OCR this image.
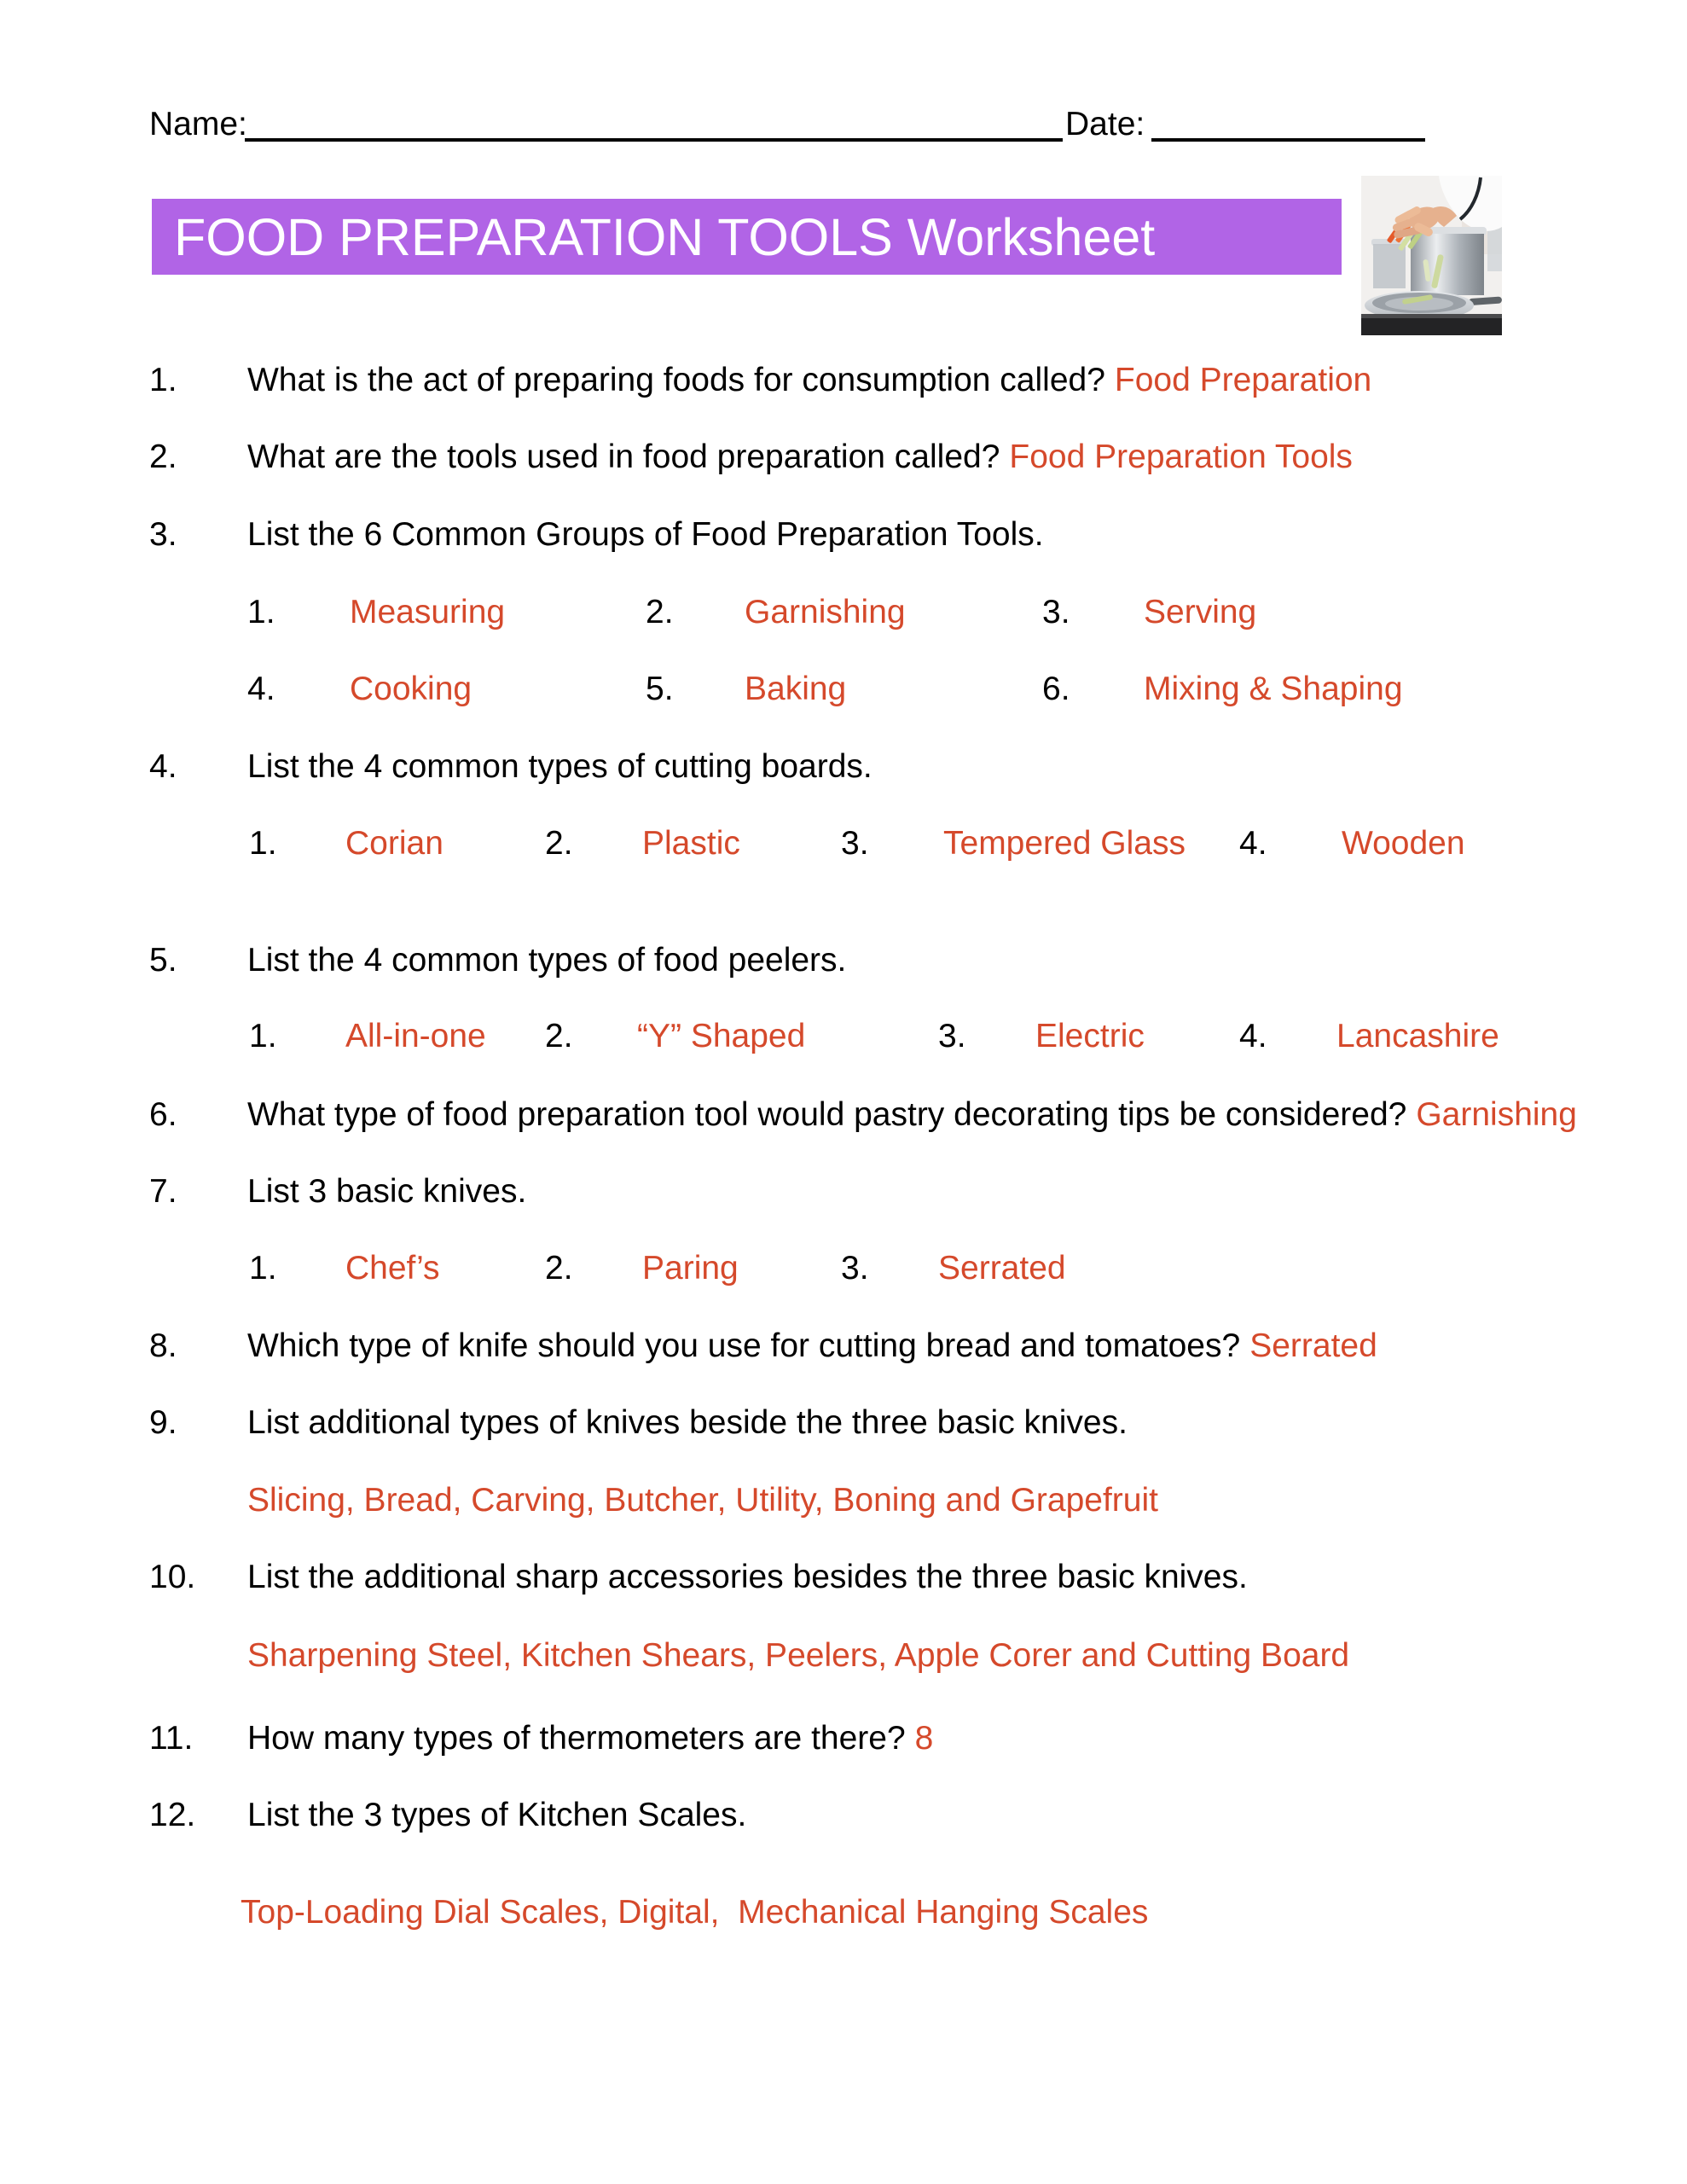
Name:	Date:
FOOD PREPARATION TOOLS Worksheet
1.	What is the act of preparing foods for consumption called? Food Preparation
2.	What are the tools used in food preparation called? Food Preparation Tools
3.	List the 6 Common Groups of Food Preparation Tools.
1. Measuring	2. Garnishing	3. Serving
4. Cooking	5. Baking	6. Mixing & Shaping
4.	List the 4 common types of cutting boards.
1. Corian	2. Plastic	3. Tempered Glass 4. Wooden
5.	List the 4 common types of food peelers.
1. All-in-one 2. “Y” Shaped	3. Electric	4. Lancashire
6.	What type of food preparation tool would pastry decorating tips be considered? Garnishing
7.	List 3 basic knives.
1. Chef’s	2. Paring	3. Serrated
8.	Which type of knife should you use for cutting bread and tomatoes? Serrated
9.	List additional types of knives beside the three basic knives.
Slicing, Bread, Carving, Butcher, Utility, Boning and Grapefruit
10.	List the additional sharp accessories besides the three basic knives.
Sharpening Steel, Kitchen Shears, Peelers, Apple Corer and Cutting Board
11.	How many types of thermometers are there? 8
12.	List the 3 types of Kitchen Scales.
Top-Loading Dial Scales, Digital,  Mechanical Hanging Scales
